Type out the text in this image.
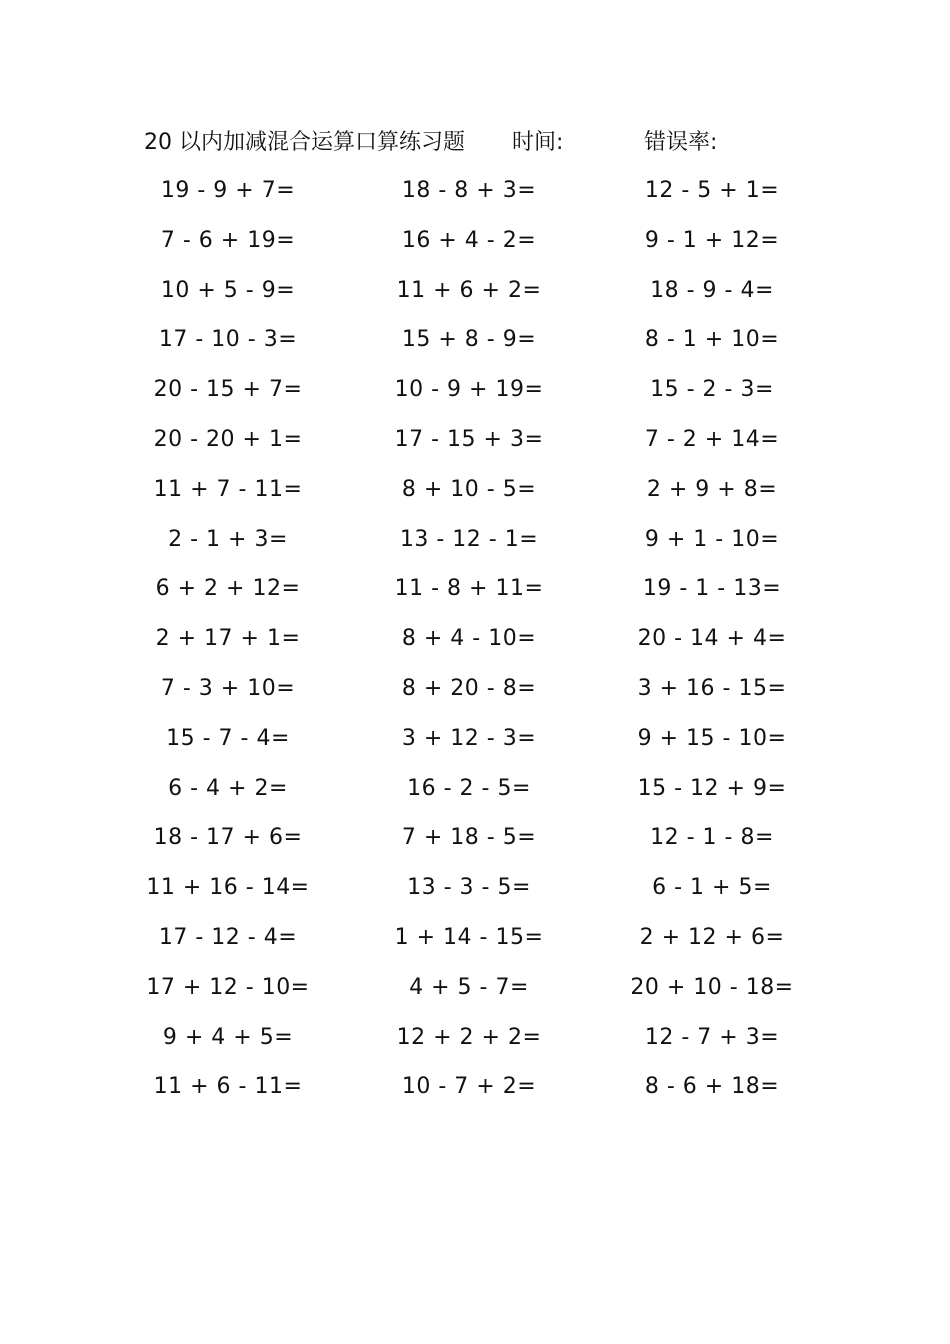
20 以内加减混合运算口算练习题 时间:	错误率:
19 - 9 + 7=	18 - 8 + 3=	12 - 5 + 1=
7 - 6 + 19=	16 + 4 - 2=	9 - 1 + 12=
10 + 5 - 9=	11 + 6 + 2=	18 - 9 - 4=
17 - 10 - 3=	15 + 8 - 9=	8 - 1 + 10=
20 - 15 + 7=	10 - 9 + 19=	15 - 2 - 3=
20 - 20 + 1=	17 - 15 + 3=	7 - 2 + 14=
11 + 7 - 11=	8 + 10 - 5=	2 + 9 + 8=
2 - 1 + 3=	13 - 12 - 1=	9 + 1 - 10=
6 + 2 + 12=	11 - 8 + 11=	19 - 1 - 13=
2 + 17 + 1=	8 + 4 - 10=	20 - 14 + 4=
7 - 3 + 10=	8 + 20 - 8=	3 + 16 - 15=
15 - 7 - 4=	3 + 12 - 3=	9 + 15 - 10=
6 - 4 + 2=	16 - 2 - 5=	15 - 12 + 9=
18 - 17 + 6=	7 + 18 - 5=	12 - 1 - 8=
11 + 16 - 14=	13 - 3 - 5=	6 - 1 + 5=
17 - 12 - 4=	1 + 14 - 15=	2 + 12 + 6=
17 + 12 - 10=	4 + 5 - 7=	20 + 10 - 18=
9 + 4 + 5=	12 + 2 + 2=	12 - 7 + 3=
11 + 6 - 11=	10 - 7 + 2=	8 - 6 + 18=
